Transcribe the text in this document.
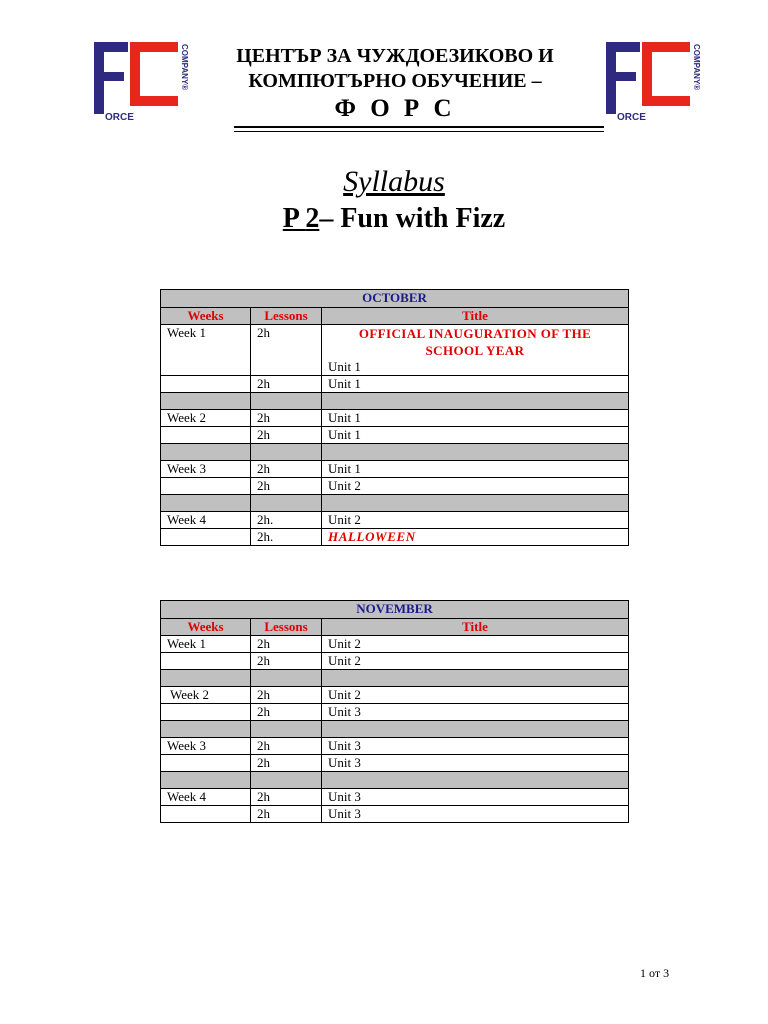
ORCE
COMPANY®	ЦЕНТЪР ЗА ЧУЖДОЕЗИКОВО И
КОМПЮТЪРНО ОБУЧЕНИЕ –
Ф О Р С	ORCE
COMPANY®
Syllabus
P 2– Fun with Fizz
OCTOBER		
Weeks	Lessons	Title
Week 1	2h	OFFICIAL INAUGURATION OF THE SCHOOL YEAR
Unit 1
	2h	Unit 1

Week 2	2h	Unit 1
	2h	Unit 1

Week 3	2h	Unit 1
	2h	Unit 2

Week 4	2h.	Unit 2
	2h.	HALLOWEEN
NOVEMBER		
Weeks	Lessons	Title
Week 1	2h	Unit 2
	2h	Unit 2

Week 2	2h	Unit 2
	2h	Unit 3

Week 3	2h	Unit 3
	2h	Unit 3

Week 4	2h	Unit 3
	2h	Unit 3
1 от 3
